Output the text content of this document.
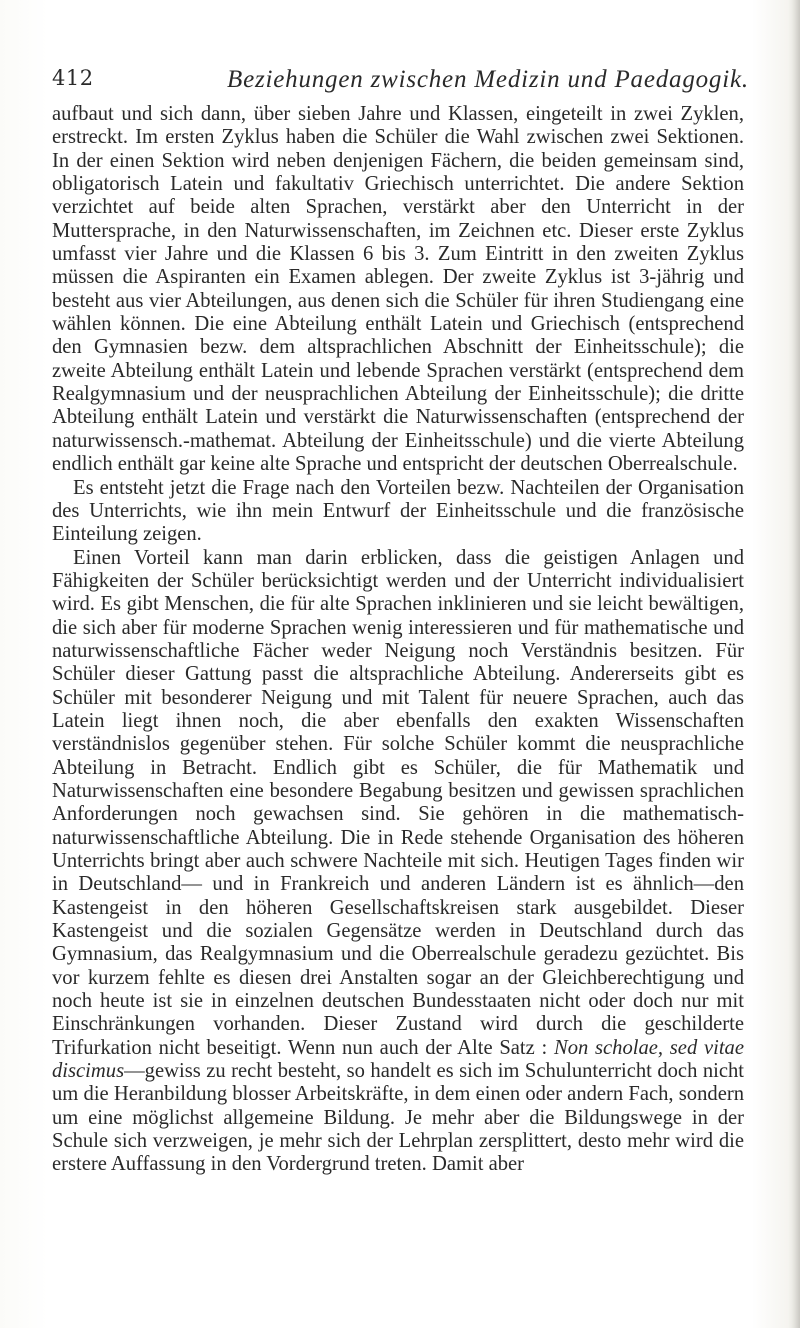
412	Beziehungen zwischen Medizin und Paedagogik.

aufbaut und sich dann, über sieben Jahre und Klassen, eingeteilt in zwei Zyklen, erstreckt. Im ersten Zyklus haben die Schüler die Wahl zwischen zwei Sektionen. In der einen Sektion wird neben denjenigen Fächern, die beiden gemeinsam sind, obligatorisch Latein und fakultativ Griechisch unterrichtet. Die andere Sektion verzichtet auf beide alten Sprachen, verstärkt aber den Unterricht in der Muttersprache, in den Naturwissenschaften, im Zeichnen etc. Dieser erste Zyklus umfasst vier Jahre und die Klassen 6 bis 3. Zum Eintritt in den zweiten Zyklus müssen die Aspiranten ein Examen ablegen. Der zweite Zyklus ist 3-jährig und besteht aus vier Abteilungen, aus denen sich die Schüler für ihren Studiengang eine wählen können. Die eine Abteilung enthält Latein und Griechisch (entsprechend den Gymnasien bezw. dem altsprachlichen Abschnitt der Einheitsschule); die zweite Abteilung enthält Latein und lebende Sprachen verstärkt (entsprechend dem Realgymnasium und der neusprachlichen Abteilung der Einheitsschule); die dritte Abteilung enthält Latein und verstärkt die Naturwissenschaften (entsprechend der naturwissensch.-mathemat. Abteilung der Einheitsschule) und die vierte Abteilung endlich enthält gar keine alte Sprache und entspricht der deutschen Oberrealschule.

Es entsteht jetzt die Frage nach den Vorteilen bezw. Nachteilen der Organisation des Unterrichts, wie ihn mein Entwurf der Einheitsschule und die französische Einteilung zeigen.

Einen Vorteil kann man darin erblicken, dass die geistigen Anlagen und Fähigkeiten der Schüler berücksichtigt werden und der Unterricht individualisiert wird. Es gibt Menschen, die für alte Sprachen inklinieren und sie leicht bewältigen, die sich aber für moderne Sprachen wenig interessieren und für mathematische und naturwissenschaftliche Fächer weder Neigung noch Verständnis besitzen. Für Schüler dieser Gattung passt die altsprachliche Abteilung. Andererseits gibt es Schüler mit besonderer Neigung und mit Talent für neuere Sprachen, auch das Latein liegt ihnen noch, die aber ebenfalls den exakten Wissenschaften verständnislos gegenüber stehen. Für solche Schüler kommt die neusprachliche Abteilung in Betracht. Endlich gibt es Schüler, die für Mathematik und Naturwissenschaften eine besondere Begabung besitzen und gewissen sprachlichen Anforderungen noch gewachsen sind. Sie gehören in die mathematisch-naturwissenschaftliche Abteilung. Die in Rede stehende Organisation des höheren Unterrichts bringt aber auch schwere Nachteile mit sich. Heutigen Tages finden wir in Deutschland— und in Frankreich und anderen Ländern ist es ähnlich—den Kastengeist in den höheren Gesellschaftskreisen stark ausgebildet. Dieser Kastengeist und die sozialen Gegensätze werden in Deutschland durch das Gymnasium, das Realgymnasium und die Oberrealschule geradezu gezüchtet. Bis vor kurzem fehlte es diesen drei Anstalten sogar an der Gleichberechtigung und noch heute ist sie in einzelnen deutschen Bundesstaaten nicht oder doch nur mit Einschränkungen vorhanden. Dieser Zustand wird durch die geschilderte Trifurkation nicht beseitigt. Wenn nun auch der Alte Satz : Non scholae, sed vitae discimus—gewiss zu recht besteht, so handelt es sich im Schulunterricht doch nicht um die Heranbildung blosser Arbeitskräfte, in dem einen oder andern Fach, sondern um eine möglichst allgemeine Bildung. Je mehr aber die Bildungswege in der Schule sich verzweigen, je mehr sich der Lehrplan zersplittert, desto mehr wird die erstere Auffassung in den Vordergrund treten. Damit aber
